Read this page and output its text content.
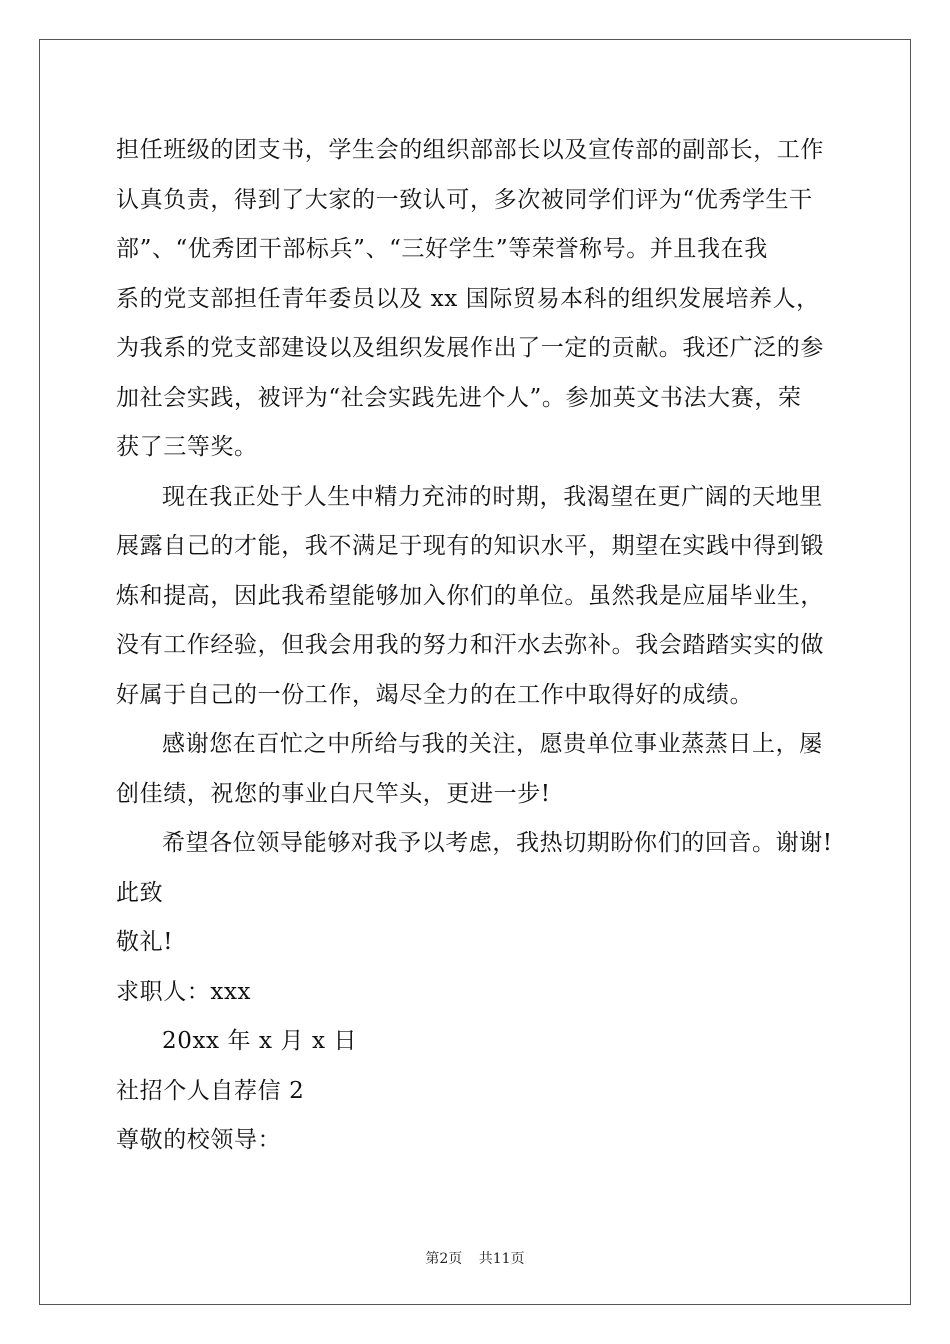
担任班级的团支书，学生会的组织部部长以及宣传部的副部长，工作
认真负责，得到了大家的一致认可，多次被同学们评为“优秀学生干
部”、“优秀团干部标兵”、“三好学生”等荣誉称号。并且我在我
系的党支部担任青年委员以及 xx 国际贸易本科的组织发展培养人，
为我系的党支部建设以及组织发展作出了一定的贡献。我还广泛的参
加社会实践，被评为“社会实践先进个人”。参加英文书法大赛，荣
获了三等奖。
现在我正处于人生中精力充沛的时期，我渴望在更广阔的天地里
展露自己的才能，我不满足于现有的知识水平，期望在实践中得到锻
炼和提高，因此我希望能够加入你们的单位。虽然我是应届毕业生，
没有工作经验，但我会用我的努力和汗水去弥补。我会踏踏实实的做
好属于自己的一份工作，竭尽全力的在工作中取得好的成绩。
感谢您在百忙之中所给与我的关注，愿贵单位事业蒸蒸日上，屡
创佳绩，祝您的事业白尺竿头，更进一步!
希望各位领导能够对我予以考虑，我热切期盼你们的回音。谢谢!
此致
敬礼!
求职人：xxx
20xx 年 x 月 x 日
社招个人自荐信 2
尊敬的校领导：
第2页 共11页
